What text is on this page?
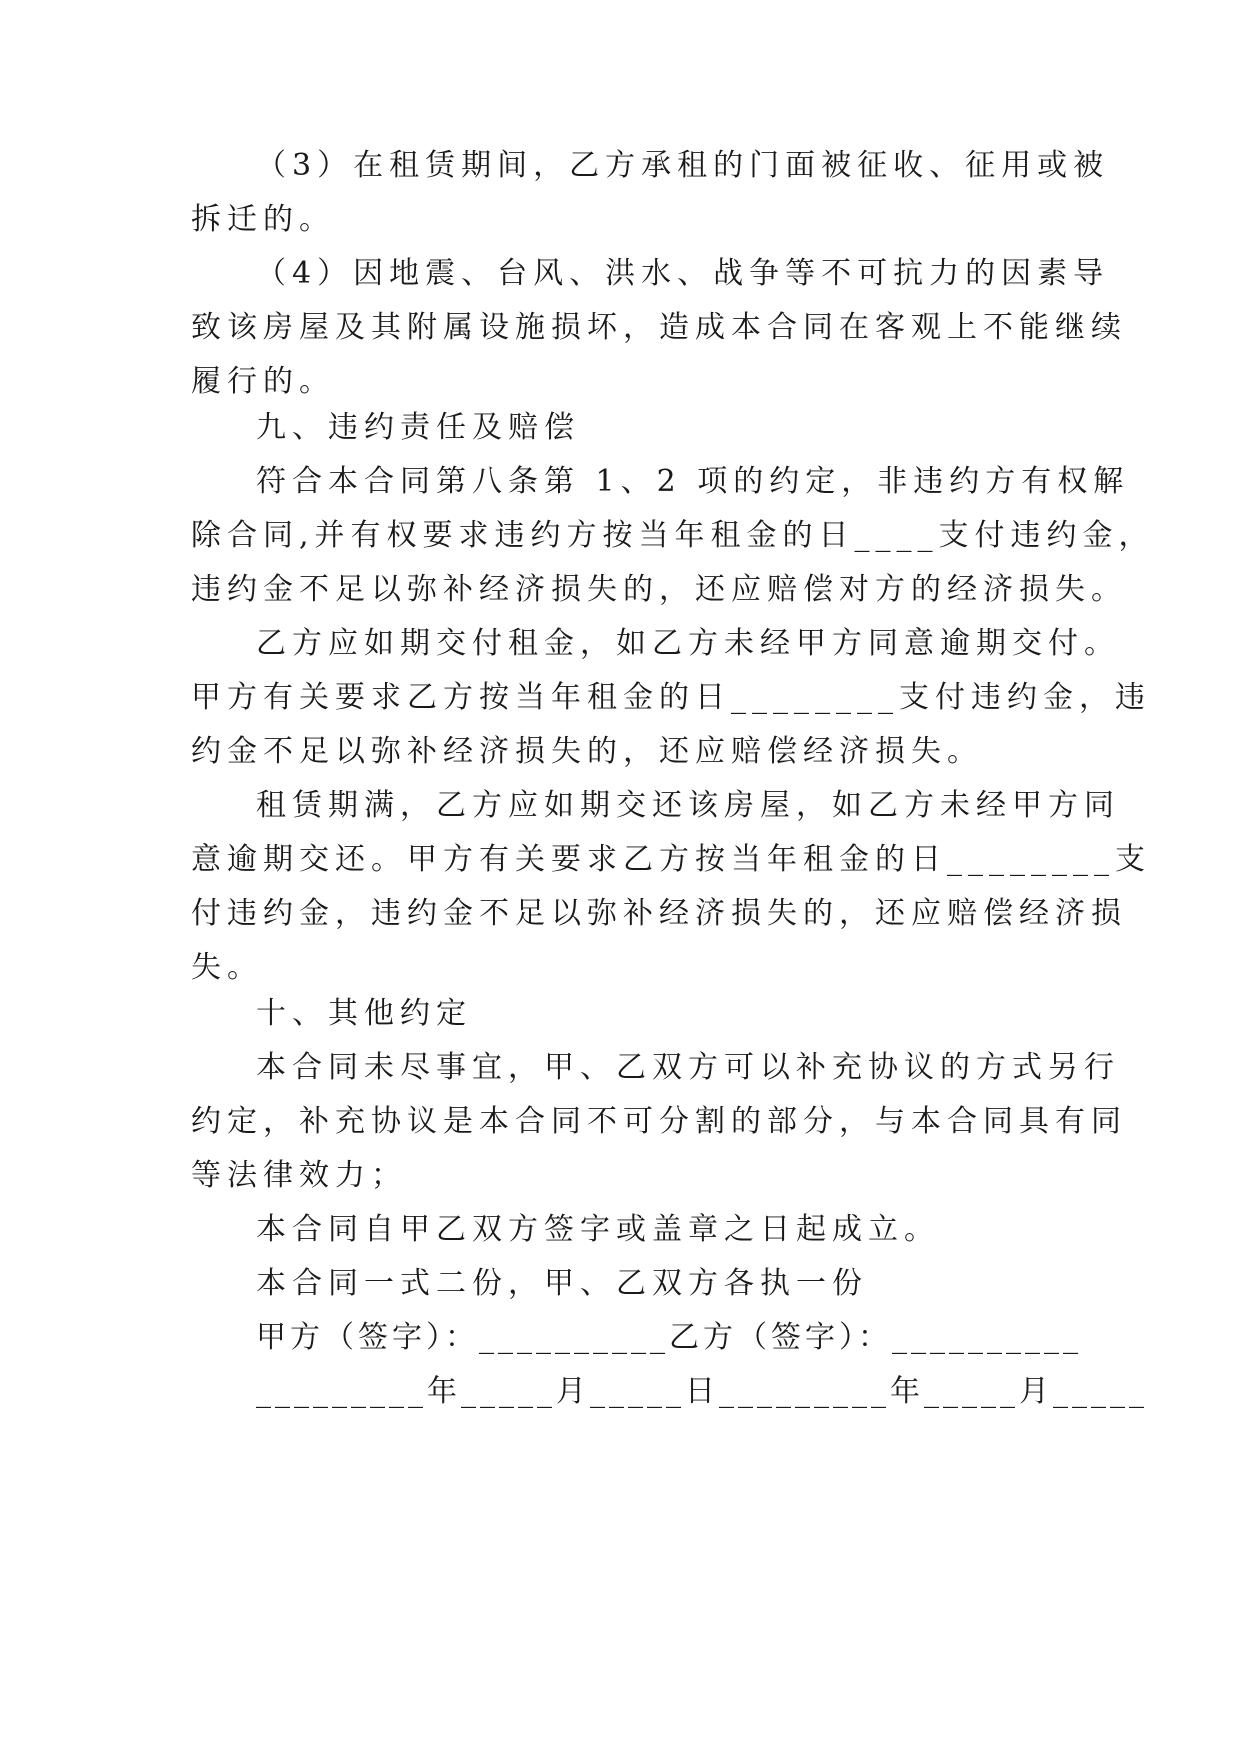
（3）在租赁期间，乙方承租的门面被征收、征用或被
拆迁的。
（4）因地震、台风、洪水、战争等不可抗力的因素导
致该房屋及其附属设施损坏，造成本合同在客观上不能继续
履行的。
九、违约责任及赔偿
符合本合同第八条第 1、2 项的约定，非违约方有权解
除合同,并有权要求违约方按当年租金的日____支付违约金，
违约金不足以弥补经济损失的，还应赔偿对方的经济损失。
乙方应如期交付租金，如乙方未经甲方同意逾期交付。
甲方有关要求乙方按当年租金的日________支付违约金，违
约金不足以弥补经济损失的，还应赔偿经济损失。
租赁期满，乙方应如期交还该房屋，如乙方未经甲方同
意逾期交还。甲方有关要求乙方按当年租金的日________支
付违约金，违约金不足以弥补经济损失的，还应赔偿经济损
失。
十、其他约定
本合同未尽事宜，甲、乙双方可以补充协议的方式另行
约定，补充协议是本合同不可分割的部分，与本合同具有同
等法律效力；
本合同自甲乙双方签字或盖章之日起成立。
本合同一式二份，甲、乙双方各执一份
甲方（签字）：__________乙方（签字）：__________
_________年_____月_____日_________年_____月_____
